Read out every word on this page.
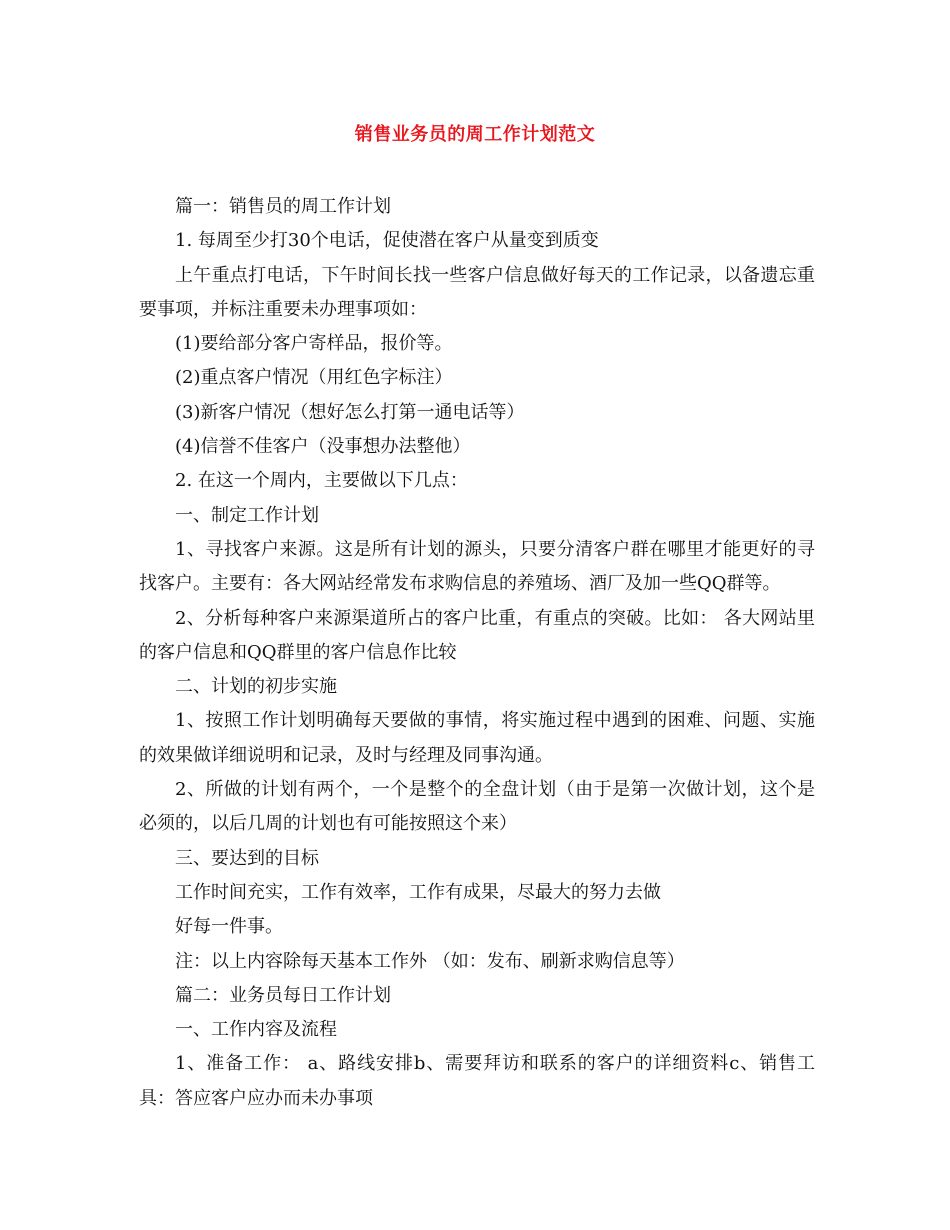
销售业务员的周工作计划范文

篇一：销售员的周工作计划

1. 每周至少打30个电话，促使潜在客户从量变到质变

上午重点打电话，下午时间长找一些客户信息做好每天的工作记录，以备遗忘重要事项，并标注重要未办理事项如：

(1)要给部分客户寄样品，报价等。

(2)重点客户情况（用红色字标注）

(3)新客户情况（想好怎么打第一通电话等）

(4)信誉不佳客户（没事想办法整他）

2. 在这一个周内，主要做以下几点：

一、制定工作计划

1、寻找客户来源。这是所有计划的源头，只要分清客户群在哪里才能更好的寻找客户。主要有：各大网站经常发布求购信息的养殖场、酒厂及加一些QQ群等。

2、分析每种客户来源渠道所占的客户比重，有重点的突破。比如： 各大网站里的客户信息和QQ群里的客户信息作比较

二、计划的初步实施

1、按照工作计划明确每天要做的事情，将实施过程中遇到的困难、问题、实施的效果做详细说明和记录，及时与经理及同事沟通。

2、所做的计划有两个，一个是整个的全盘计划（由于是第一次做计划，这个是必须的，以后几周的计划也有可能按照这个来）

三、要达到的目标

工作时间充实，工作有效率，工作有成果，尽最大的努力去做

好每一件事。

注：以上内容除每天基本工作外 （如：发布、刷新求购信息等）

篇二：业务员每日工作计划

一、工作内容及流程

1、准备工作： a、路线安排b、需要拜访和联系的客户的详细资料c、销售工具：答应客户应办而未办事项
